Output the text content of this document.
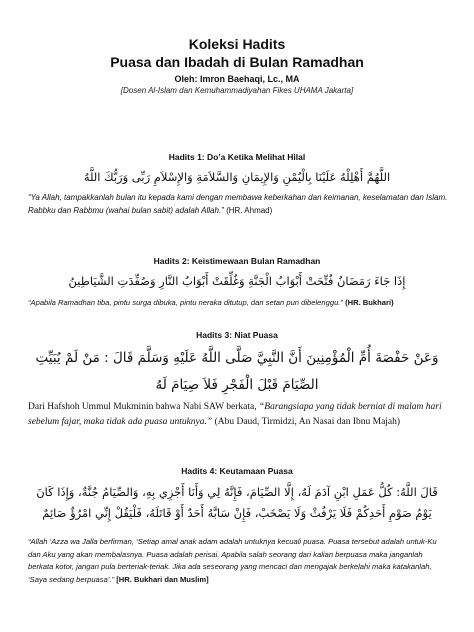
Koleksi Hadits
Puasa dan Ibadah di Bulan Ramadhan
Oleh: Imron Baehaqi, Lc., MA
[Dosen Al-Islam dan Kemuhammadiyahan Fikes UHAMA Jakarta]
Hadits 1: Do’a Ketika Melihat Hilal
اللَّهُمَّ أَهْلِلْهُ عَلَيْنَا بِالْيُمْنِ وَالإِيمَانِ وَالسَّلاَمَةِ وَالإِسْلاَمِ رَبِّى وَرَبُّكَ اللَّهُ
“Ya Allah, tampakkanlah bulan itu kepada kami dengan membawa keberkahan dan keimanan, keselamatan dan Islam. Rabbku dan Rabbmu (wahai bulan sabit) adalah Allah.” (HR. Ahmad)
Hadits 2: Keistimewaan Bulan Ramadhan
إِذَا جَاءَ رَمَضَانُ فُتِّحَتْ أَبْوَابُ الْجَنَّةِ وَغُلِّقَتْ أَبْوَابُ النَّارِ وَصُفِّدَتِ الشَّيَاطِينُ
“Apabila Ramadhan tiba, pintu surga dibuka, pintu neraka ditutup, dan setan pun dibelenggu.” (HR. Bukhari)
Hadits 3: Niat Puasa
وَعَنْ حَفْصَةَ أُمِّ الْمُؤْمِنِينَ أَنَّ النَّبِيَّ صَلَّى اللَّهُ عَلَيْهِ وَسَلَّمَ قَالَ : مَنْ لَمْ يُبَيِّتِ الصِّيَامَ قَبْلَ الْفَجْرِ فَلاَ صِيَامَ لَهُ
Dari Hafshoh Ummul Mukminin bahwa Nabi SAW berkata, “Barangsiapa yang tidak berniat di malam hari sebelum fajar, maka tidak ada puasa untuknya.” (Abu Daud, Tirmidzi, An Nasai dan Ibnu Majah)
Hadits 4: Keutamaan Puasa
قَالَ اللَّهُ: كُلُّ عَمَلِ ابْنِ آدَمَ لَهُ، إِلَّا الصِّيَامَ، فَإِنَّهُ لِي وَأَنَا أَجْزِي بِهِ، وَالصِّيَامُ جُنَّةٌ، وَإِذَا كَانَ يَوْمُ صَوْمِ أَحَدِكُمْ فَلَا يَرْفُثْ وَلَا يَصْخَبْ، فَإِنْ سَابَّهُ أَحَدٌ أَوْ قَاتَلَهُ، فَلْيَقُلْ إِنِّي امْرُؤٌ صَائِمٌ
“Allah ‘Azza wa Jalla berfirman, ‘Setiap amal anak adam adalah untuknya kecuali puasa. Puasa tersebut adalah untuk-Ku dan Aku yang akan membalasnya. Puasa adalah perisai. Apabila salah seorang dari kalian berpuasa maka janganlah berkata kotor, jangan pula berteriak-teriak. Jika ada seseorang yang mencaci dan mengajak berkelahi maka katakanlah, ‘Saya sedang berpuasa’.” [HR. Bukhari dan Muslim]
